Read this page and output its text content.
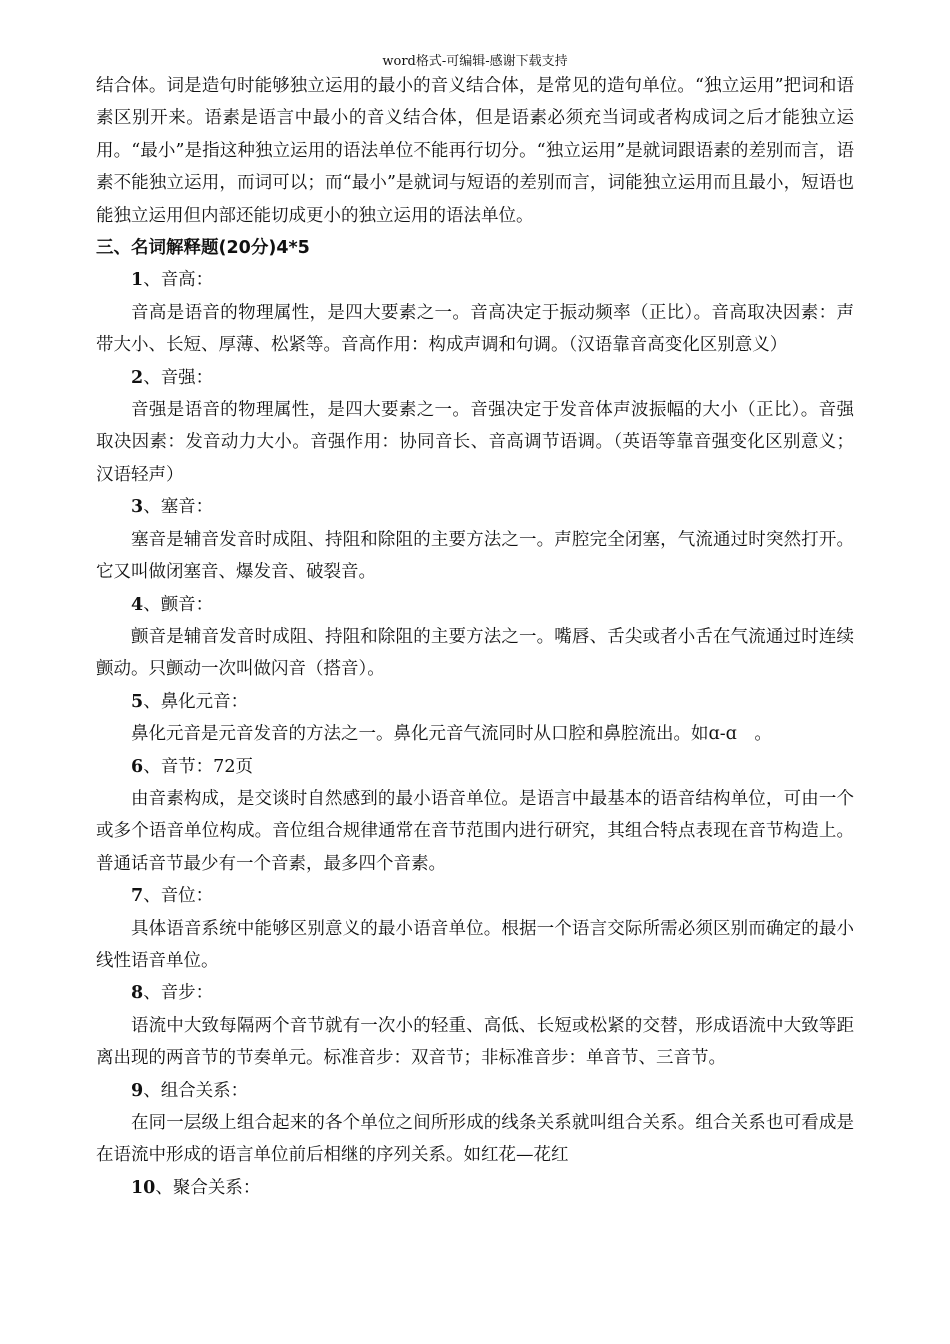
word格式-可编辑-感谢下载支持

结合体。词是造句时能够独立运用的最小的音义结合体，是常见的造句单位。“独立运用”把词和语素区别开来。语素是语言中最小的音义结合体，但是语素必须充当词或者构成词之后才能独立运用。“最小”是指这种独立运用的语法单位不能再行切分。“独立运用”是就词跟语素的差别而言，语素不能独立运用，而词可以；而“最小”是就词与短语的差别而言，词能独立运用而且最小，短语也能独立运用但内部还能切成更小的独立运用的语法单位。

三、名词解释题(20分)4*5

1、音高：

音高是语音的物理属性，是四大要素之一。音高决定于振动频率（正比）。音高取决因素：声带大小、长短、厚薄、松紧等。音高作用：构成声调和句调。（汉语靠音高变化区别意义）

2、音强：

音强是语音的物理属性，是四大要素之一。音强决定于发音体声波振幅的大小（正比）。音强取决因素：发音动力大小。音强作用：协同音长、音高调节语调。（英语等靠音强变化区别意义；汉语轻声）

3、塞音：

塞音是辅音发音时成阻、持阻和除阻的主要方法之一。声腔完全闭塞，气流通过时突然打开。它又叫做闭塞音、爆发音、破裂音。

4、颤音：

颤音是辅音发音时成阻、持阻和除阻的主要方法之一。嘴唇、舌尖或者小舌在气流通过时连续颤动。只颤动一次叫做闪音（搭音）。

5、鼻化元音：

鼻化元音是元音发音的方法之一。鼻化元音气流同时从口腔和鼻腔流出。如ɑ-ɑ　。

6、音节：72页

由音素构成，是交谈时自然感到的最小语音单位。是语言中最基本的语音结构单位，可由一个或多个语音单位构成。音位组合规律通常在音节范围内进行研究，其组合特点表现在音节构造上。普通话音节最少有一个音素，最多四个音素。

7、音位：

具体语音系统中能够区别意义的最小语音单位。根据一个语言交际所需必须区别而确定的最小线性语音单位。

8、音步：

语流中大致每隔两个音节就有一次小的轻重、高低、长短或松紧的交替，形成语流中大致等距离出现的两音节的节奏单元。标准音步：双音节；非标准音步：单音节、三音节。

9、组合关系：

在同一层级上组合起来的各个单位之间所形成的线条关系就叫组合关系。组合关系也可看成是在语流中形成的语言单位前后相继的序列关系。如红花—花红

10、聚合关系：
